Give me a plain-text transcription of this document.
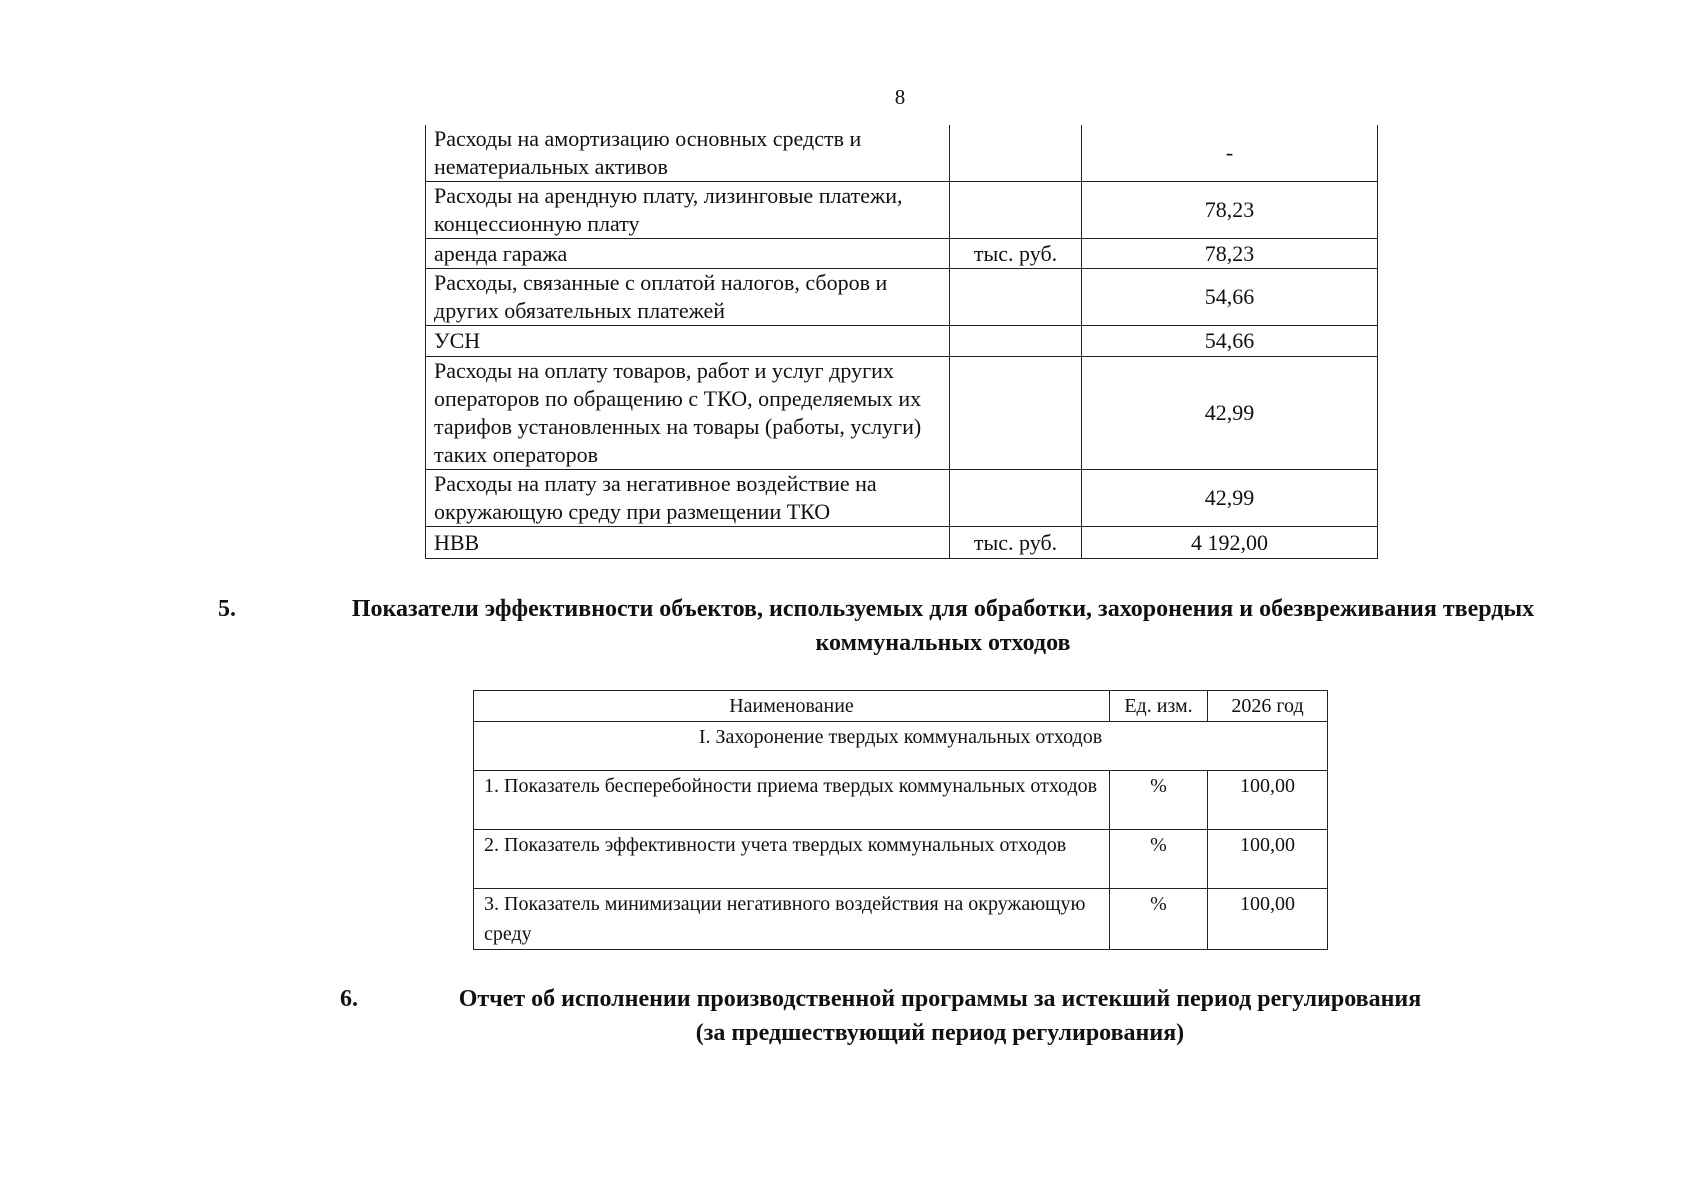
8
Расходы на амортизацию основных средств и нематериальных активов		-
Расходы на арендную плату, лизинговые платежи, концессионную плату		78,23
аренда гаража	тыс. руб.	78,23
Расходы, связанные с оплатой налогов, сборов и других обязательных платежей		54,66
УСН		54,66
Расходы на оплату товаров, работ и услуг других операторов по обращению с ТКО, определяемых их тарифов установленных на товары (работы, услуги) таких операторов		42,99
Расходы на плату за негативное воздействие на окружающую среду при размещении ТКО		42,99
НВВ	тыс. руб.	4 192,00
5.	Показатели эффективности объектов, используемых для обработки, захоронения и обезвреживания твердых коммунальных отходов
Наименование	Ед. изм.	2026 год
I. Захоронение твердых коммунальных отходов		
1. Показатель бесперебойности приема твердых коммунальных отходов	%	100,00
2. Показатель эффективности учета твердых коммунальных отходов	%	100,00
3. Показатель минимизации негативного воздействия на окружающую среду	%	100,00
6.	Отчет об исполнении производственной программы за истекший период регулирования
(за предшествующий период регулирования)
